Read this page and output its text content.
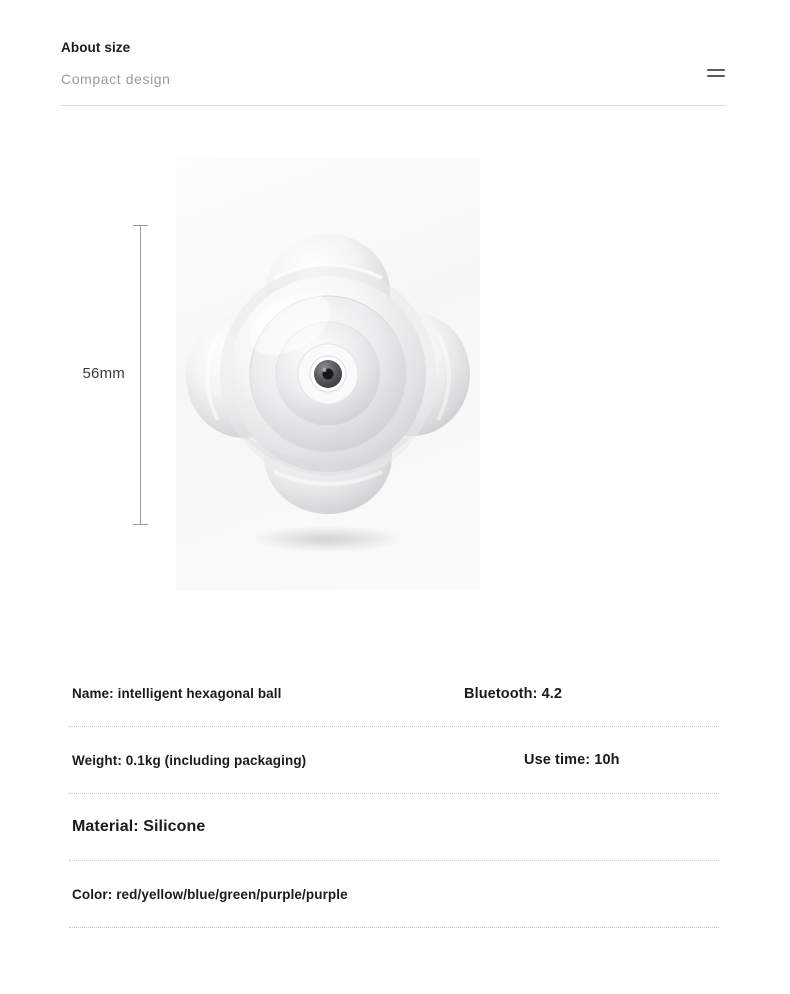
About size
Compact design
56mm
Name: intelligent hexagonal ball	Bluetooth: 4.2
Weight: 0.1kg (including packaging)	Use time: 10h
Material: Silicone
Color: red/yellow/blue/green/purple/purple
